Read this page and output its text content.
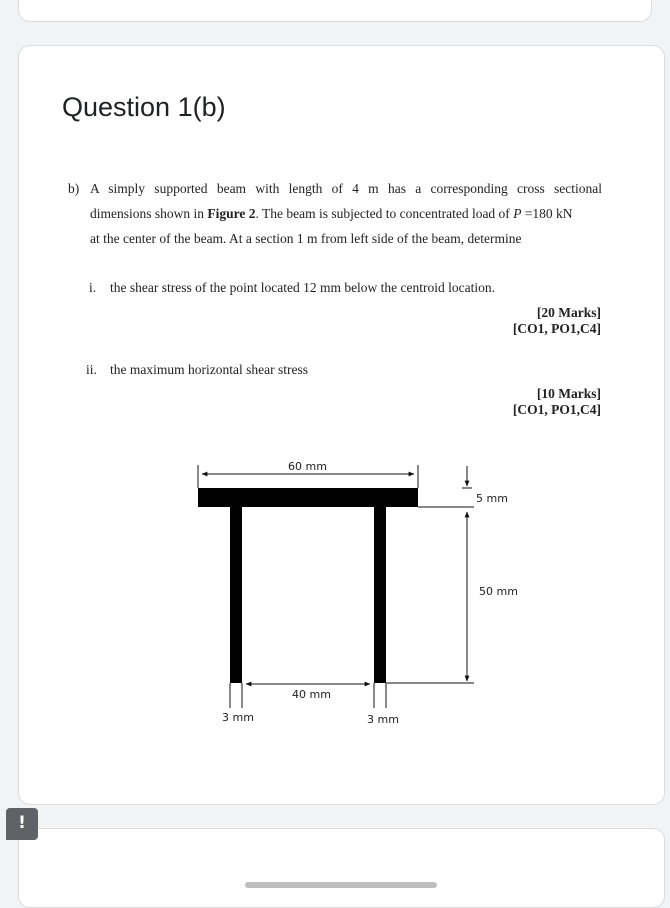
Question 1(b)
b) A simply supported beam with length of 4 m has a corresponding cross sectional
dimensions shown in Figure 2. The beam is subjected to concentrated load of P =180 kN
at the center of the beam. At a section 1 m from left side of the beam, determine
i. the shear stress of the point located 12 mm below the centroid location.
[20 Marks]
[CO1, PO1,C4]
ii. the maximum horizontal shear stress
[10 Marks]
[CO1, PO1,C4]
60 mm
5 mm
50 mm
40 mm
3 mm	3 mm
!
